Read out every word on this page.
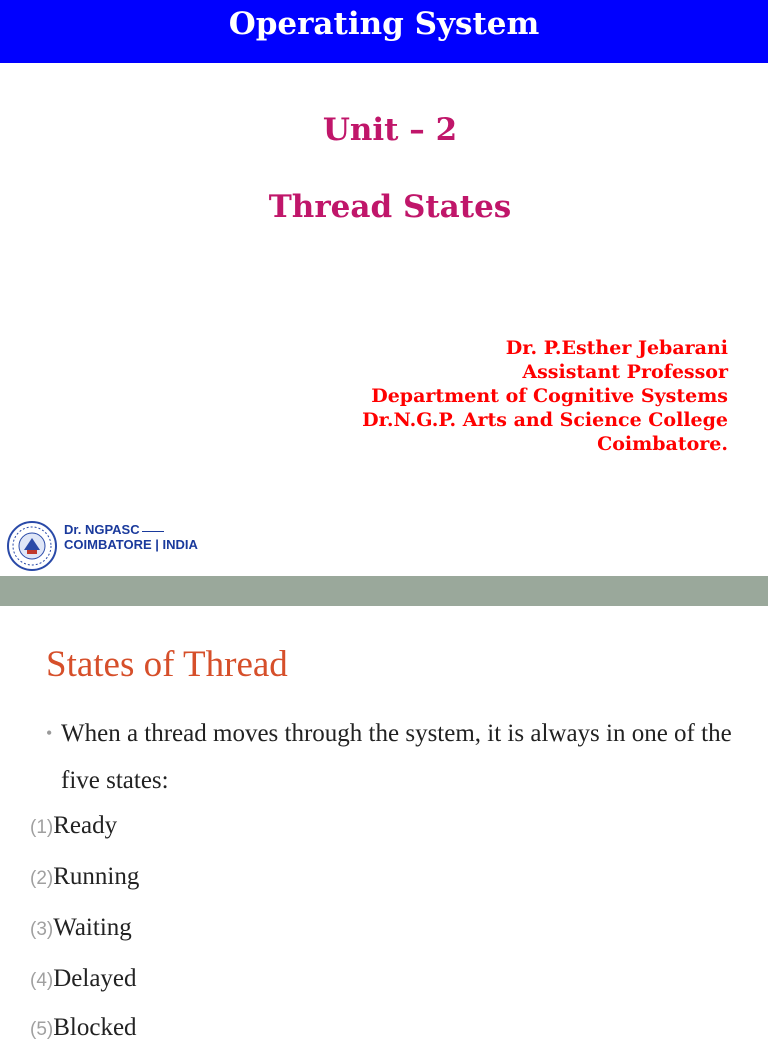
Operating System
Unit – 2
Thread States
Dr. P.Esther Jebarani
Assistant Professor
Department of Cognitive Systems
Dr.N.G.P. Arts and Science College
Coimbatore.
Dr. NGPASC
COIMBATORE | INDIA
States of Thread
• When a thread moves through the system, it is always in one of the five states:
(1)Ready
(2)Running
(3)Waiting
(4)Delayed
(5)Blocked
